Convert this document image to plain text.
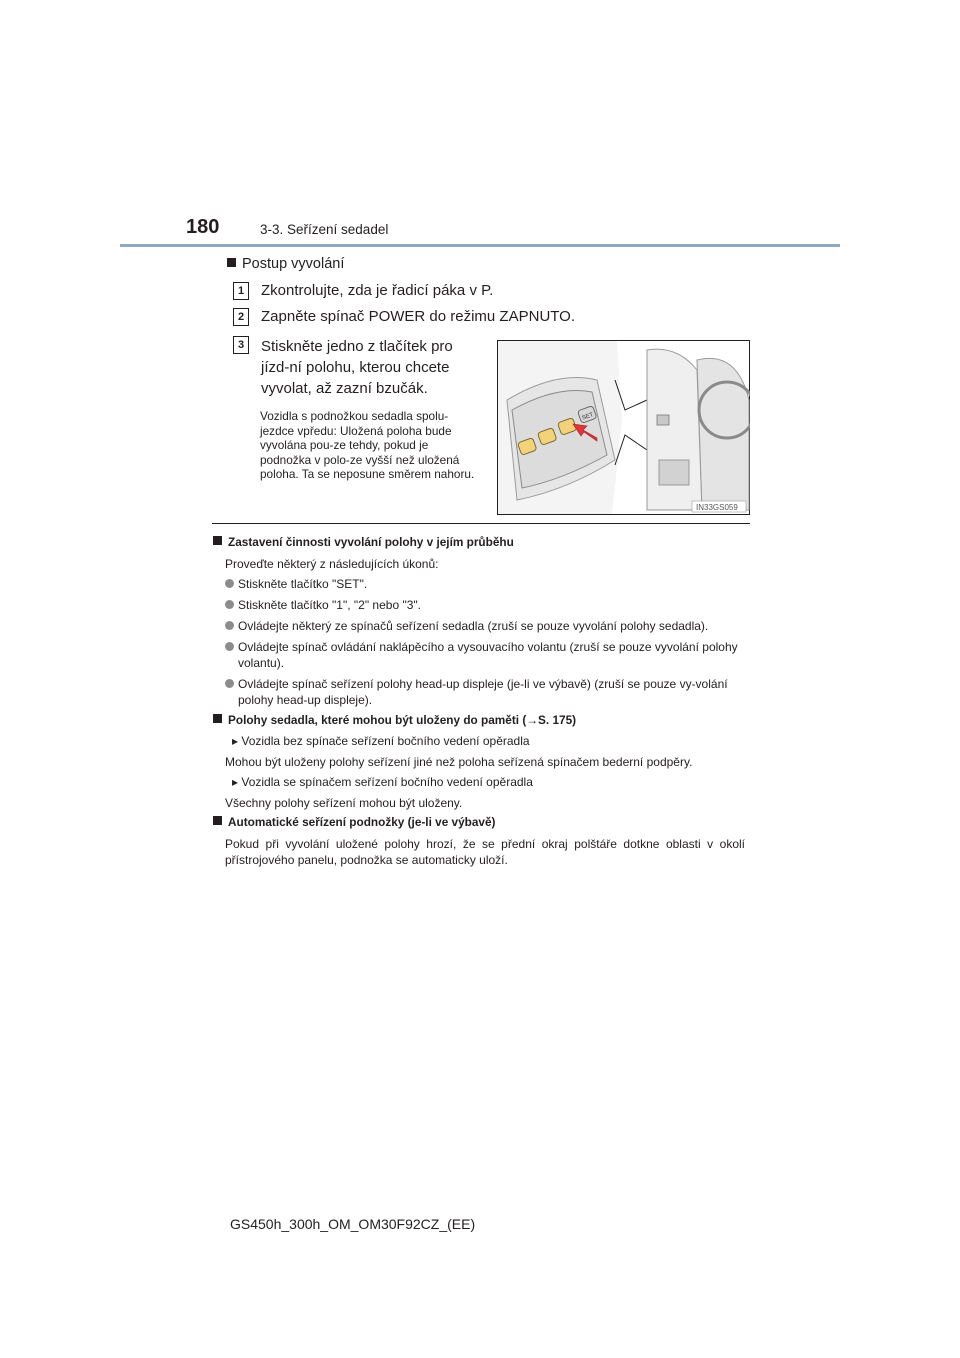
180	3-3. Seřízení sedadel
Postup vyvolání
1	Zkontrolujte, zda je řadicí páka v P.
2	Zapněte spínač POWER do režimu ZAPNUTO.
3	Stiskněte jedno z tlačítek pro jízd-ní polohu, kterou chcete vyvolat, až zazní bzučák.
Vozidla s podnožkou sedadla spolu-jezdce vpředu: Uložená poloha bude vyvolána pou-ze tehdy, pokud je podnožka v polo-ze vyšší než uložená poloha. Ta se neposune směrem nahoru.
SET
IN33GS059
Zastavení činnosti vyvolání polohy v jejím průběhu
Proveďte některý z následujících úkonů:
Stiskněte tlačítko "SET".
Stiskněte tlačítko "1", "2" nebo "3".
Ovládejte některý ze spínačů seřízení sedadla (zruší se pouze vyvolání polohy sedadla).
Ovládejte spínač ovládání naklápěcího a vysouvacího volantu (zruší se pouze vyvolání polohy volantu).
Ovládejte spínač seřízení polohy head-up displeje (je-li ve výbavě) (zruší se pouze vy-volání polohy head-up displeje).
Polohy sedadla, které mohou být uloženy do paměti (→S. 175)
▸ Vozidla bez spínače seřízení bočního vedení opěradla
Mohou být uloženy polohy seřízení jiné než poloha seřízená spínačem bederní podpěry.
▸ Vozidla se spínačem seřízení bočního vedení opěradla
Všechny polohy seřízení mohou být uloženy.
Automatické seřízení podnožky (je-li ve výbavě)
Pokud při vyvolání uložené polohy hrozí, že se přední okraj polštáře dotkne oblasti v okolí přístrojového panelu, podnožka se automaticky uloží.
GS450h_300h_OM_OM30F92CZ_(EE)
